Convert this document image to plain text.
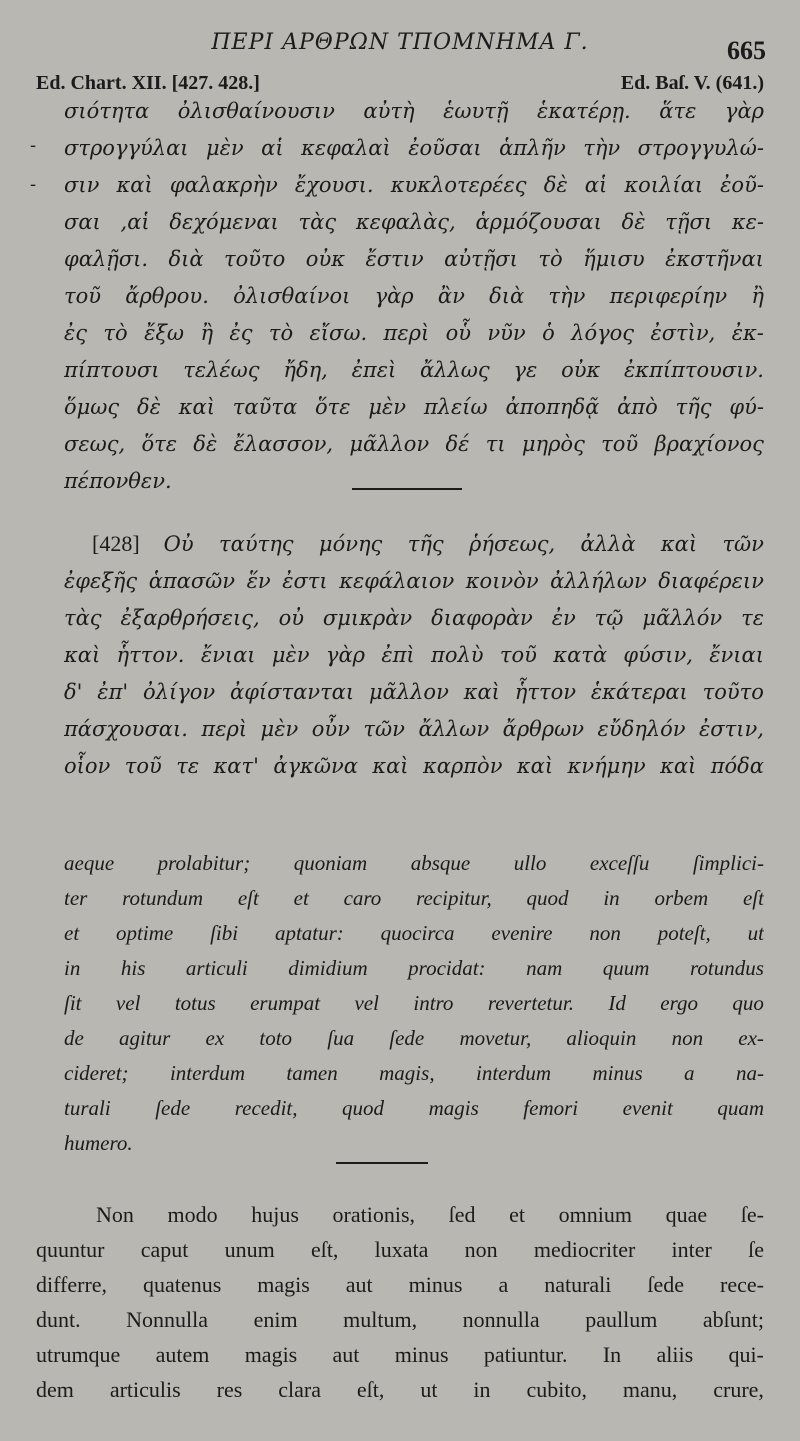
ΠΕΡΙ ΑΡΘΡΩΝ ΤΠΟΜΝΗΜΑ Γ.	665
Ed. Chart. XII. [427. 428.]	Ed. Baſ. V. (641.)
-
-
σιότητα ὀλισθαίνουσιν αὐτὴ ἑωυτῇ ἑκατέρῃ. ἅτε γὰρ
στρογγύλαι μὲν αἱ κεφαλαὶ ἐοῦσαι ἁπλῆν τὴν στρογγυλώ-
σιν καὶ φαλακρὴν ἔχουσι. κυκλοτερέες δὲ αἱ κοιλίαι ἐοῦ-
σαι ,αἱ δεχόμεναι τὰς κεφαλὰς, ἁρμόζουσαι δὲ τῇσι κε-
φαλῇσι. διὰ τοῦτο οὐκ ἔστιν αὐτῇσι τὸ ἥμισυ ἐκστῆναι
τοῦ ἄρθρου. ὀλισθαίνοι γὰρ ἂν διὰ τὴν περιφερίην ἢ
ἐς τὸ ἔξω ἢ ἐς τὸ εἴσω. περὶ οὗ νῦν ὁ λόγος ἐστὶν, ἐκ-
πίπτουσι τελέως ἤδη, ἐπεὶ ἄλλως γε οὐκ ἐκπίπτουσιν.
ὅμως δὲ καὶ ταῦτα ὅτε μὲν πλείω ἀποπηδᾷ ἀπὸ τῆς φύ-
σεως, ὅτε δὲ ἔλασσον, μᾶλλον δέ τι μηρὸς τοῦ βραχίονος
πέπονθεν.
[428] Οὐ ταύτης μόνης τῆς ῥήσεως, ἀλλὰ καὶ τῶν
ἐφεξῆς ἁπασῶν ἕν ἐστι κεφάλαιον κοινὸν ἀλλήλων διαφέρειν
τὰς ἐξαρθρήσεις, οὐ σμικρὰν διαφορὰν ἐν τῷ μᾶλλόν τε
καὶ ἧττον. ἔνιαι μὲν γὰρ ἐπὶ πολὺ τοῦ κατὰ φύσιν, ἔνιαι
δ' ἐπ' ὀλίγον ἀφίστανται μᾶλλον καὶ ἧττον ἑκάτεραι τοῦτο
πάσχουσαι. περὶ μὲν οὖν τῶν ἄλλων ἄρθρων εὔδηλόν ἐστιν,
οἷον τοῦ τε κατ' ἀγκῶνα καὶ καρπὸν καὶ κνήμην καὶ πόδα
aeque prolabitur; quoniam absque ullo exceſſu ſimplici-
ter rotundum eſt et caro recipitur, quod in orbem eſt
et optime ſibi aptatur: quocirca evenire non poteſt, ut
in his articuli dimidium procidat: nam quum rotundus
ſit vel totus erumpat vel intro revertetur. Id ergo quo
de agitur ex toto ſua ſede movetur, alioquin non ex-
cideret; interdum tamen magis, interdum minus a na-
turali ſede recedit, quod magis femori evenit quam
humero.
Non modo hujus orationis, ſed et omnium quae ſe-
quuntur caput unum eſt, luxata non mediocriter inter ſe
differre, quatenus magis aut minus a naturali ſede rece-
dunt. Nonnulla enim multum, nonnulla paullum abſunt;
utrumque autem magis aut minus patiuntur. In aliis qui-
dem articulis res clara eſt, ut in cubito, manu, crure,
